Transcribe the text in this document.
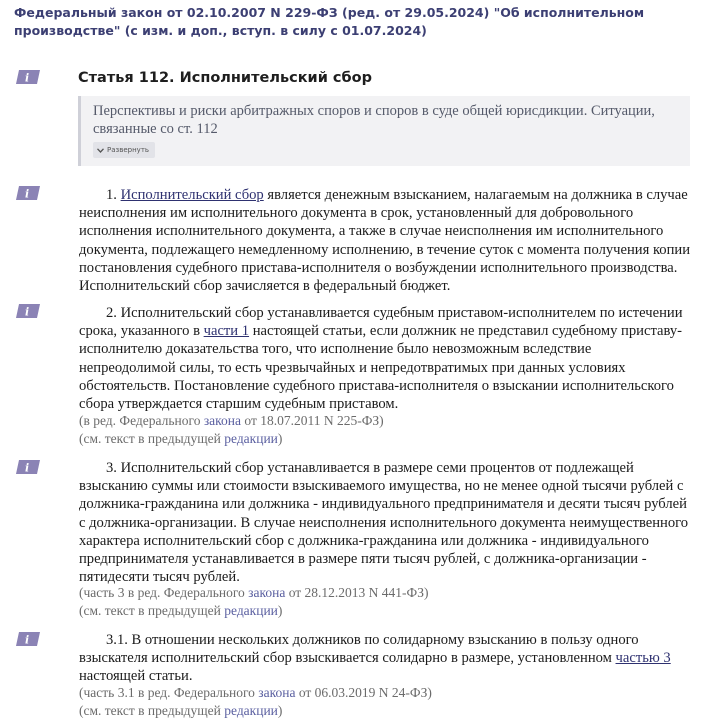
Федеральный закон от 02.10.2007 N 229-ФЗ (ред. от 29.05.2024) "Об исполнительном производстве" (с изм. и доп., вступ. в силу с 01.07.2024)
i
i
i
i
i
Статья 112. Исполнительский сбор
Перспективы и риски арбитражных споров и споров в суде общей юрисдикции. Ситуации, связанные со ст. 112
Развернуть
1. Исполнительский сбор является денежным взысканием, налагаемым на должника в случае неисполнения им исполнительного документа в срок, установленный для добровольного исполнения исполнительного документа, а также в случае неисполнения им исполнительного документа, подлежащего немедленному исполнению, в течение суток с момента получения копии постановления судебного пристава-исполнителя о возбуждении исполнительного производства. Исполнительский сбор зачисляется в федеральный бюджет.
2. Исполнительский сбор устанавливается судебным приставом-исполнителем по истечении срока, указанного в части 1 настоящей статьи, если должник не представил судебному приставу-исполнителю доказательства того, что исполнение было невозможным вследствие непреодолимой силы, то есть чрезвычайных и непредотвратимых при данных условиях обстоятельств. Постановление судебного пристава-исполнителя о взыскании исполнительского сбора утверждается старшим судебным приставом.
(в ред. Федерального закона от 18.07.2011 N 225-ФЗ)
(см. текст в предыдущей редакции)
3. Исполнительский сбор устанавливается в размере семи процентов от подлежащей взысканию суммы или стоимости взыскиваемого имущества, но не менее одной тысячи рублей с должника-гражданина или должника - индивидуального предпринимателя и десяти тысяч рублей с должника-организации. В случае неисполнения исполнительного документа неимущественного характера исполнительский сбор с должника-гражданина или должника - индивидуального предпринимателя устанавливается в размере пяти тысяч рублей, с должника-организации - пятидесяти тысяч рублей.
(часть 3 в ред. Федерального закона от 28.12.2013 N 441-ФЗ)
(см. текст в предыдущей редакции)
3.1. В отношении нескольких должников по солидарному взысканию в пользу одного взыскателя исполнительский сбор взыскивается солидарно в размере, установленном частью 3 настоящей статьи.
(часть 3.1 в ред. Федерального закона от 06.03.2019 N 24-ФЗ)
(см. текст в предыдущей редакции)
